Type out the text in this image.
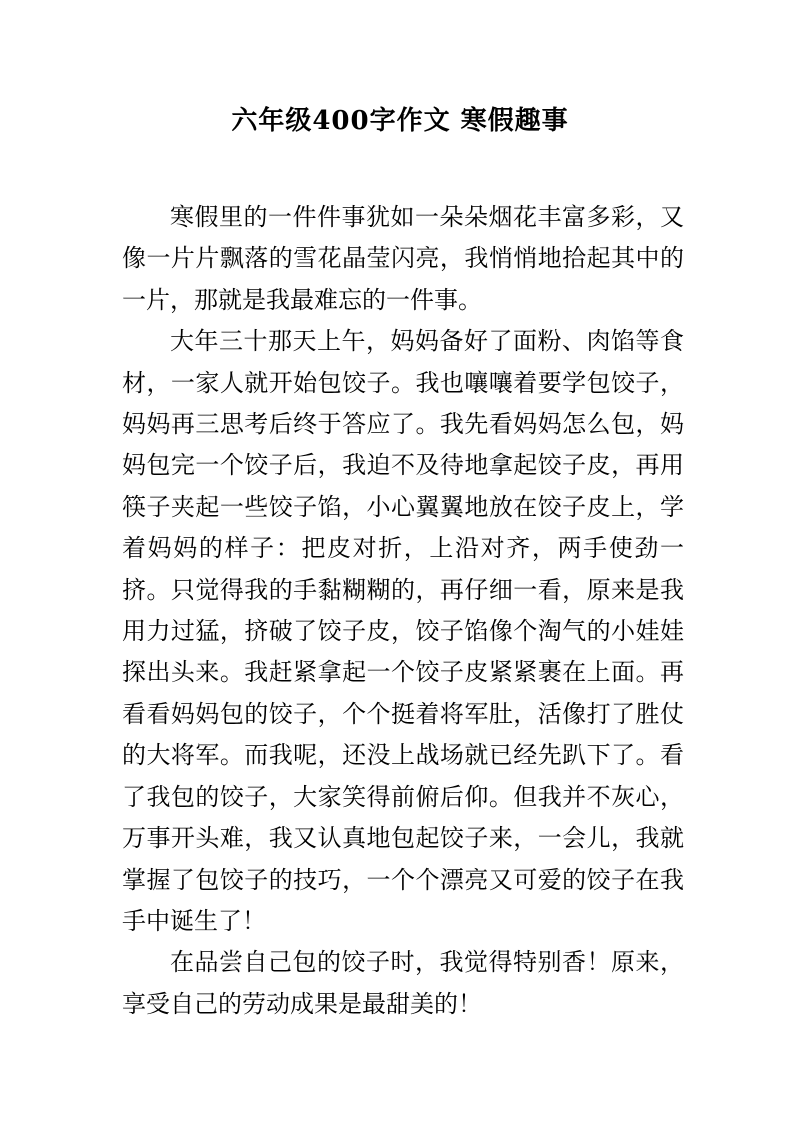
六年级400字作文 寒假趣事

寒假里的一件件事犹如一朵朵烟花丰富多彩，又像一片片飘落的雪花晶莹闪亮，我悄悄地拾起其中的一片，那就是我最难忘的一件事。

大年三十那天上午，妈妈备好了面粉、肉馅等食材，一家人就开始包饺子。我也嚷嚷着要学包饺子，妈妈再三思考后终于答应了。我先看妈妈怎么包，妈妈包完一个饺子后，我迫不及待地拿起饺子皮，再用筷子夹起一些饺子馅，小心翼翼地放在饺子皮上，学着妈妈的样子：把皮对折，上沿对齐，两手使劲一挤。只觉得我的手黏糊糊的，再仔细一看，原来是我用力过猛，挤破了饺子皮，饺子馅像个淘气的小娃娃探出头来。我赶紧拿起一个饺子皮紧紧裹在上面。再看看妈妈包的饺子，个个挺着将军肚，活像打了胜仗的大将军。而我呢，还没上战场就已经先趴下了。看了我包的饺子，大家笑得前俯后仰。但我并不灰心，万事开头难，我又认真地包起饺子来，一会儿，我就掌握了包饺子的技巧，一个个漂亮又可爱的饺子在我手中诞生了！

在品尝自己包的饺子时，我觉得特别香！原来，享受自己的劳动成果是最甜美的！
